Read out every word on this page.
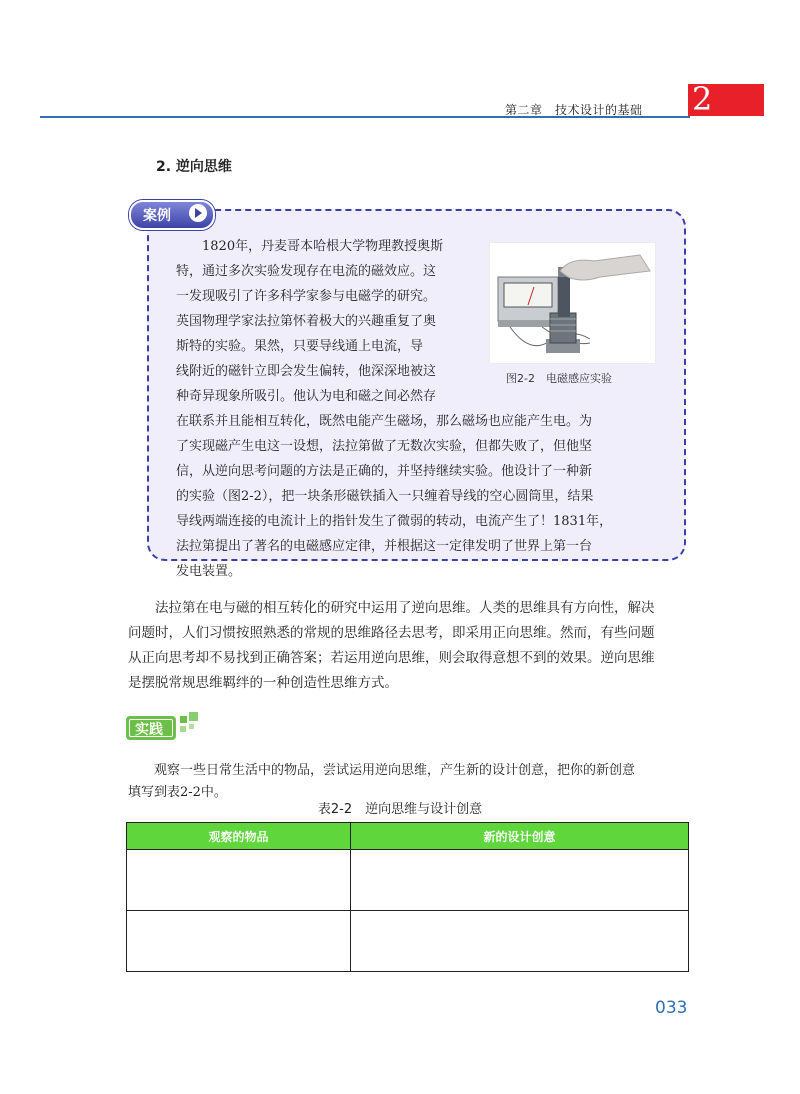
第二章　技术设计的基础 2
2. 逆向思维
案例
　　1820年，丹麦哥本哈根大学物理教授奥斯
特，通过多次实验发现存在电流的磁效应。这
一发现吸引了许多科学家参与电磁学的研究。
英国物理学家法拉第怀着极大的兴趣重复了奥
斯特的实验。果然，只要导线通上电流，导
线附近的磁针立即会发生偏转，他深深地被这
种奇异现象所吸引。他认为电和磁之间必然存
在联系并且能相互转化，既然电能产生磁场，那么磁场也应能产生电。为
了实现磁产生电这一设想，法拉第做了无数次实验，但都失败了，但他坚
信，从逆向思考问题的方法是正确的，并坚持继续实验。他设计了一种新
的实验（图2-2），把一块条形磁铁插入一只缠着导线的空心圆筒里，结果
导线两端连接的电流计上的指针发生了微弱的转动，电流产生了！1831年，
法拉第提出了著名的电磁感应定律，并根据这一定律发明了世界上第一台
发电装置。
图2-2　电磁感应实验
　　法拉第在电与磁的相互转化的研究中运用了逆向思维。人类的思维具有方向性，解决
问题时，人们习惯按照熟悉的常规的思维路径去思考，即采用正向思维。然而，有些问题
从正向思考却不易找到正确答案；若运用逆向思维，则会取得意想不到的效果。逆向思维
是摆脱常规思维羁绊的一种创造性思维方式。
实践
　　观察一些日常生活中的物品，尝试运用逆向思维，产生新的设计创意，把你的新创意
填写到表2-2中。
表2-2　逆向思维与设计创意
观察的物品	新的设计创意

033
